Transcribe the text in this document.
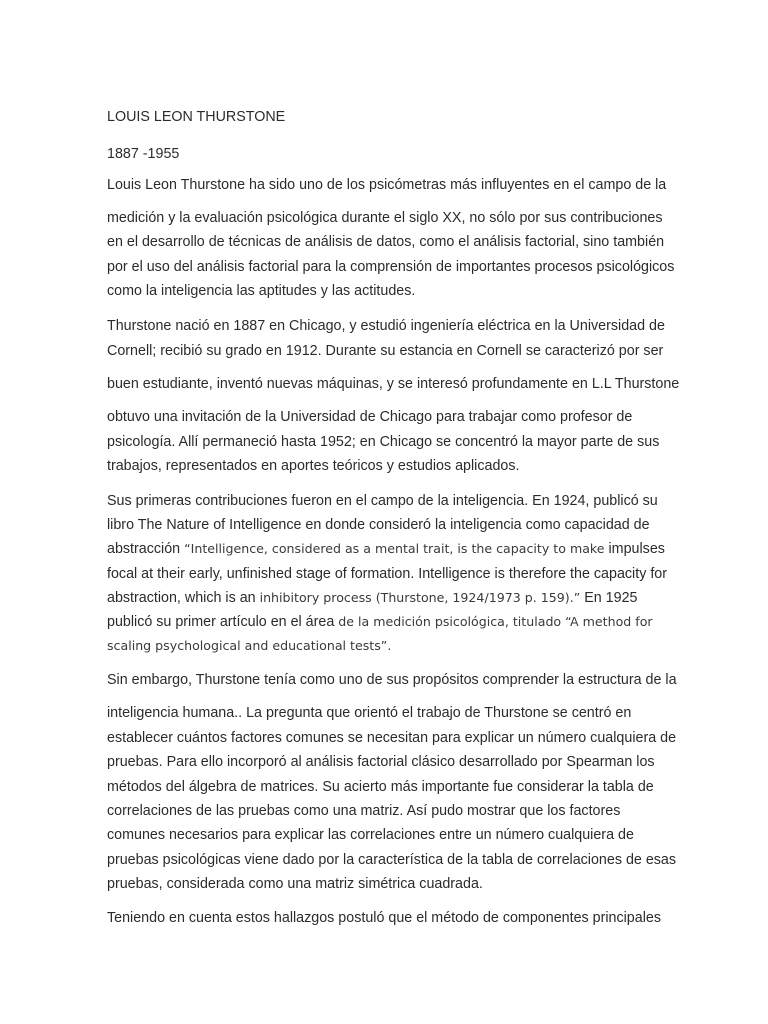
LOUIS LEON THURSTONE
1887 -1955
Louis Leon Thurstone ha sido uno de los psicómetras más influyentes en el campo de la
medición y la evaluación psicológica durante el siglo XX, no sólo por sus contribuciones
en el desarrollo de técnicas de análisis de datos, como el análisis factorial, sino también
por el uso del análisis factorial para la comprensión de importantes procesos psicológicos
como la inteligencia las aptitudes y las actitudes.
Thurstone nació en 1887 en Chicago, y estudió ingeniería eléctrica en la Universidad de
Cornell; recibió su grado en 1912. Durante su estancia en Cornell se caracterizó por ser
buen estudiante, inventó nuevas máquinas, y se interesó profundamente en L.L Thurstone
obtuvo una invitación de la Universidad de Chicago para trabajar como profesor de
psicología. Allí permaneció hasta 1952; en Chicago se concentró la mayor parte de sus
trabajos, representados en aportes teóricos y estudios aplicados.
Sus primeras contribuciones fueron en el campo de la inteligencia. En 1924, publicó su
libro The Nature of Intelligence en donde consideró la inteligencia como capacidad de
abstracción “Intelligence, considered as a mental trait, is the capacity to make impulses
focal at their early, unfinished stage of formation. Intelligence is therefore the capacity for
abstraction, which is an inhibitory process (Thurstone, 1924/1973 p. 159).” En 1925
publicó su primer artículo en el área de la medición psicológica, titulado “A method for
scaling psychological and educational tests”.
Sin embargo, Thurstone tenía como uno de sus propósitos comprender la estructura de la
inteligencia humana.. La pregunta que orientó el trabajo de Thurstone se centró en
establecer cuántos factores comunes se necesitan para explicar un número cualquiera de
pruebas. Para ello incorporó al análisis factorial clásico desarrollado por Spearman los
métodos del álgebra de matrices. Su acierto más importante fue considerar la tabla de
correlaciones de las pruebas como una matriz. Así pudo mostrar que los factores
comunes necesarios para explicar las correlaciones entre un número cualquiera de
pruebas psicológicas viene dado por la característica de la tabla de correlaciones de esas
pruebas, considerada como una matriz simétrica cuadrada.
Teniendo en cuenta estos hallazgos postuló que el método de componentes principales
